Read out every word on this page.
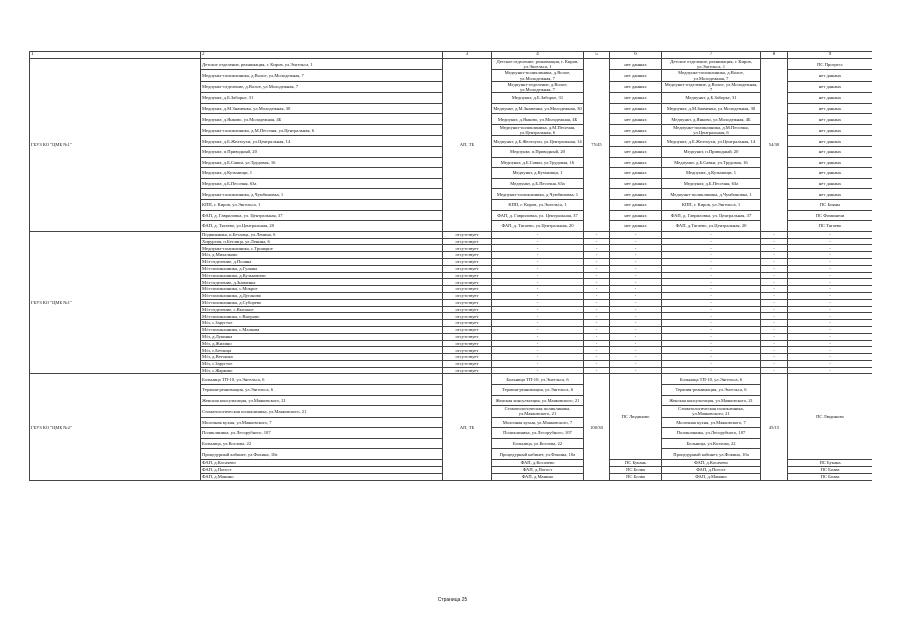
1	2	3	4	5	6	7	8	9
ГБУЗ КО "ЦМБ №1"	Детское отделение, реанимация, г. Киров, ул.Энгельса, 1	АП, ТБ	Детское отделение, реанимация, г. Киров, ул.Энгельса, 1	75/45	нет данных	Детское отделение, реанимация, г. Киров, ул.Энгельса, 1	54/30	ПС Прогресс
	Медпункт-поликлиника, д.Волое, ул.Молодежная, 7		Медпункт-поликлиника, д.Волое, ул.Молодежная, 7		нет данных	Медпункт-поликлиника, д.Волое, ул.Молодежная, 7		нет данных
	Медпункт-отделение, д.Волое, ул.Молодежная, 7		Медпункт-отделение, д.Волое, ул.Молодежная, 7		нет данных	Медпункт-отделение, д.Волое, ул.Молодежная, 7		нет данных
	Медпункт, д.Б.Заборье, 31		Медпункт, д.Б.Заборье, 31		нет данных	Медпункт, д.Б.Заборье, 31		нет данных
	Медпункт, д.М.Знаменка, ул.Молодежная, 30		Медпункт, д.М.Знаменка, ул.Молодежная, 30		нет данных	Медпункт, д.М.Знаменка, ул.Молодежная, 30		нет данных
	Медпункт, д.Янково, ул.Молодежная, 4Б		Медпункт, д.Янково, ул.Молодежная, 4Б		нет данных	Медпункт, д.Янково, ул.Молодежная, 4Б		нет данных
	Медпункт-поликлиника, д.М.Песочня, ул.Центральная, 6		Медпункт-поликлиника, д.М.Песочня, ул.Центральная, 6		нет данных	Медпункт-поликлиника, д.М.Песочня, ул.Центральная, 6		нет данных
	Медпункт, д.Б.Желтоухи, ул.Центральная, 14		Медпункт, д.Б.Желтоухи, ул.Центральная, 14		нет данных	Медпункт, д.Б.Желтоухи, ул.Центральная, 14		нет данных
	Медпункт, п.Приводный, 20		Медпункт, п.Приводный, 20		нет данных	Медпункт, п.Приводный, 20		нет данных
	Медпункт, д.Б.Савки, ул.Трудовая, 16		Медпункт, д.Б.Савки, ул.Трудовая, 16		нет данных	Медпункт, д.Б.Савки, ул.Трудовая, 16		нет данных
	Медпункт, д.Кузьмищи, 1		Медпункт, д.Кузьмищи, 1		нет данных	Медпункт, д.Кузьмищи, 1		нет данных
	Медпункт, д.Б.Песочня, 63а		Медпункт, д.Б.Песочня, 63а		нет данных	Медпункт, д.Б.Песочня, 63а		нет данных
	Медпункт-поликлиника, д.Чумбиновка, 1		Медпункт-поликлиника, д.Чумбиновка, 1		нет данных	Медпункт-поликлиника, д.Чумбиновка, 1		нет данных
	КПП, г. Киров, ул.Энгельса, 1		КПП, г. Киров, ул.Энгельса, 1		нет данных	КПП, г. Киров, ул.Энгельса, 1		ПС Бояны
	ФАП, д. Гавриловка, ул. Центральная, 37		ФАП, д. Гавриловка, ул. Центральная, 37		нет данных	ФАП, д. Гавриловка, ул. Центральная, 37		ПС Фоминичи
	ФАП, д. Тягаево, ул.Центральная, 20		ФАП, д. Тягаево, ул.Центральная, 20		нет данных	ФАП, д.Тягаево, ул.Центральная, 20		ПС Тягаево
ГБУЗ КО "ЦМБ №1"	Подвижника, п.Бетлица, ул.Ленина, 6	отсутствует	-	-	-	-	-	-
	Хирургия, п.Бетлица, ул.Ленина, 6	отсутствует	-	-	-	-	-	-
	Медпункт-поликлиника, с.Троицкое	отсутствует	-	-	-	-	-	-
	М/п, д.Михалково	отсутствует	-	-	-	-	-	-
	М/п-отделение, д.Поляна	отсутствует	-	-	-	-	-	-
	М/п-поликлиника, д.Гуляны	отсутствует	-	-	-	-	-	-
	М/п-поликлиника, д.Кульковичи	отсутствует	-	-	-	-	-	-
	М/п-отделение, д.Знаменка	отсутствует	-	-	-	-	-	-
	М/п-поликлиника, с.Мокрое	отсутствует	-	-	-	-	-	-
	М/п-поликлиника, д.Дуганово	отсутствует	-	-	-	-	-	-
	М/п-поликлиника, д.Суборево	отсутствует	-	-	-	-	-	-
	М/п-отделение, с.Высокое	отсутствует	-	-	-	-	-	-
	М/п-поликлиника, с.Выгрово	отсутствует	-	-	-	-	-	-
	М/п, с.Заругтое	отсутствует	-	-	-	-	-	-
	М/п-поликлиника, с.Малкова	отсутствует	-	-	-	-	-	-
	М/п, д.Лукинка	отсутствует	-	-	-	-	-	-
	М/п, д.Жилино	отсутствует	-	-	-	-	-	-
	М/п, с.Бетлица	отсутствует	-	-	-	-	-	-
	М/п, д.Ветошка	отсутствует	-	-	-	-	-	-
	М/п, с.Заругтое	отсутствует	-	-	-	-	-	-
	М/п, с.Жарково	отсутствует	-	-	-	-	-	-
ГБУЗ КО "ЦМБ №2"	Больница ТП-10, ул.Энгельса, 6	АП, ТБ	Больница ТП-10, ул.Энгельса, 6	100/30	ПС Людиново	Больница ТП-10, ул.Энгельса, 6	45/15	ПС Людиново
	Терапия-реанимация, ул.Энгельса, 6		Терапия-реанимация, ул.Энгельса, 6			Терапия-реанимация, ул.Энгельса, 6		
	Женская консультация, ул.Маяковского, 21		Женская консультация, ул.Маяковского, 21			Женская консультация, ул.Маяковского, 21		
	Стоматологическая поликлиника, ул.Маяковского, 21		Стоматологическая поликлиника, ул.Маяковского, 21			Стоматологическая поликлиника, ул.Маяковского, 21		
	Молочная кухня, ул.Маяковского, 7		Молочная кухня, ул.Маяковского, 7			Молочная кухня, ул.Маяковского, 7		
	Поликлиника, ул.Лесорубного, 107		Поликлиника, ул.Лесорубного, 107			Поликлиника, ул.Лесорубного, 107		
	Больница, ул.Козлова, 22		Больница, ул.Козлова, 22			Больница, ул.Козлова, 22		
	Процедурный кабинет, ул.Фокина, 10а		Процедурный кабинет, ул.Фокина, 10а			Процедурный кабинет, ул.Фокина, 10а		
	ФАП, д.Косачево		ФАП, д.Косачево		ПС Букань	ФАП, д.Косачево		ПС Букань
	ФАП, д.Погост		ФАП, д.Погост		ПС Болва	ФАП, д.Погост		ПС Болва
	ФАП, д.Манино		ФАП, д.Манино		ПС Болва	ФАП, д.Манино		ПС Болва
Страница 25
